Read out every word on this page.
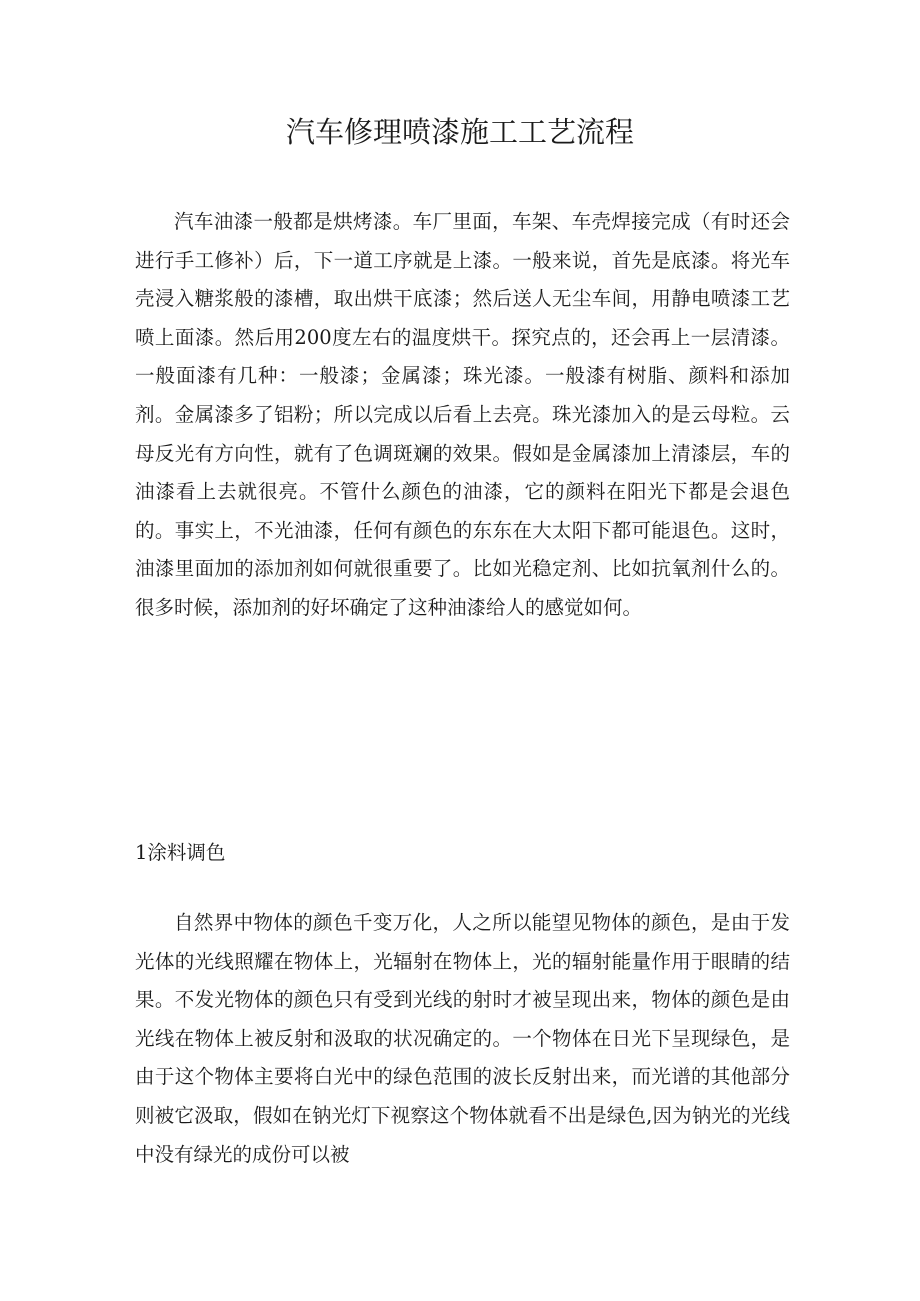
汽车修理喷漆施工工艺流程

汽车油漆一般都是烘烤漆。车厂里面，车架、车壳焊接完成（有时还会进行手工修补）后，下一道工序就是上漆。一般来说，首先是底漆。将光车壳浸入糖浆般的漆槽，取出烘干底漆；然后送人无尘车间，用静电喷漆工艺喷上面漆。然后用200度左右的温度烘干。探究点的，还会再上一层清漆。一般面漆有几种：一般漆；金属漆；珠光漆。一般漆有树脂、颜料和添加剂。金属漆多了铝粉；所以完成以后看上去亮。珠光漆加入的是云母粒。云母反光有方向性，就有了色调斑斓的效果。假如是金属漆加上清漆层，车的油漆看上去就很亮。不管什么颜色的油漆，它的颜料在阳光下都是会退色的。事实上，不光油漆，任何有颜色的东东在大太阳下都可能退色。这时，油漆里面加的添加剂如何就很重要了。比如光稳定剂、比如抗氧剂什么的。很多时候，添加剂的好坏确定了这种油漆给人的感觉如何。

1涂料调色

自然界中物体的颜色千变万化，人之所以能望见物体的颜色，是由于发光体的光线照耀在物体上，光辐射在物体上，光的辐射能量作用于眼睛的结果。不发光物体的颜色只有受到光线的射时才被呈现出来，物体的颜色是由光线在物体上被反射和汲取的状况确定的。一个物体在日光下呈现绿色，是由于这个物体主要将白光中的绿色范围的波长反射出来，而光谱的其他部分则被它汲取，假如在钠光灯下视察这个物体就看不出是绿色,因为钠光的光线中没有绿光的成份可以被
